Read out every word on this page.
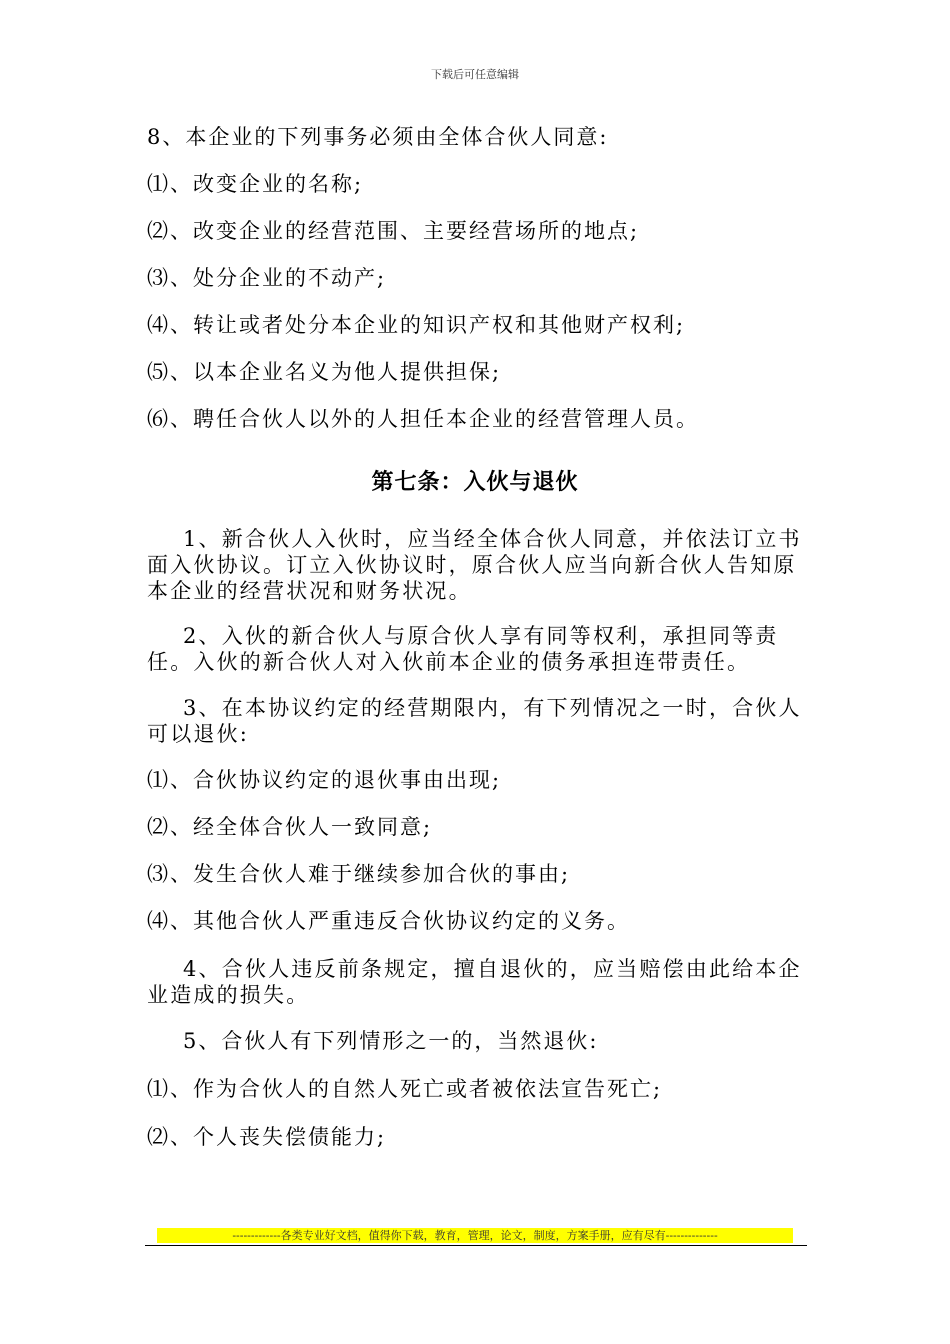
下载后可任意编辑
8、本企业的下列事务必须由全体合伙人同意:
⑴、改变企业的名称;
⑵、改变企业的经营范围、主要经营场所的地点;
⑶、处分企业的不动产;
⑷、转让或者处分本企业的知识产权和其他财产权利;
⑸、以本企业名义为他人提供担保;
⑹、聘任合伙人以外的人担任本企业的经营管理人员。
第七条：入伙与退伙
1、新合伙人入伙时，应当经全体合伙人同意，并依法订立书面入伙协议。订立入伙协议时，原合伙人应当向新合伙人告知原本企业的经营状况和财务状况。
2、入伙的新合伙人与原合伙人享有同等权利，承担同等责任。入伙的新合伙人对入伙前本企业的债务承担连带责任。
3、在本协议约定的经营期限内，有下列情况之一时，合伙人可以退伙:
⑴、合伙协议约定的退伙事由出现;
⑵、经全体合伙人一致同意;
⑶、发生合伙人难于继续参加合伙的事由;
⑷、其他合伙人严重违反合伙协议约定的义务。
4、合伙人违反前条规定，擅自退伙的，应当赔偿由此给本企业造成的损失。
5、合伙人有下列情形之一的，当然退伙:
⑴、作为合伙人的自然人死亡或者被依法宣告死亡;
⑵、个人丧失偿债能力;
-------------各类专业好文档，值得你下载，教育，管理，论文，制度，方案手册，应有尽有--------------
